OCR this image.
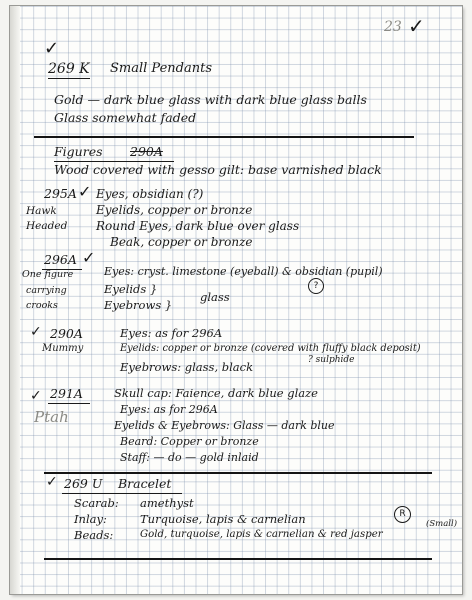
23 ✓
✓
269 K Small Pendants
Gold — dark blue glass with dark blue glass balls
Glass somewhat faded
Figures 290A
Wood covered with gesso gilt: base varnished black
295A ✓
Hawk
Headed
Eyes, obsidian (?)
Eyelids, copper or bronze
Round Eyes, dark blue over glass
Beak, copper or bronze
296A ✓
One figure
carrying
crooks
Eyes: cryst. limestone (eyeball) & obsidian (pupil)
Eyelids }
Eyebrows }
glass
?
✓ 290A
Mummy
Eyes: as for 296A
Eyelids: copper or bronze (covered with fluffy black deposit)
? sulphide
Eyebrows: glass, black
✓ 291A
Ptah
Skull cap: Faience, dark blue glaze
Eyes: as for 296A
Eyelids & Eyebrows: Glass — dark blue
Beard: Copper or bronze
Staff: — do — gold inlaid
✓ 269 U Bracelet
Scarab: amethyst
Inlay:	Turquoise, lapis & carnelian	R
Beads:	Gold, turquoise, lapis & carnelian & red jasper
(Small)
